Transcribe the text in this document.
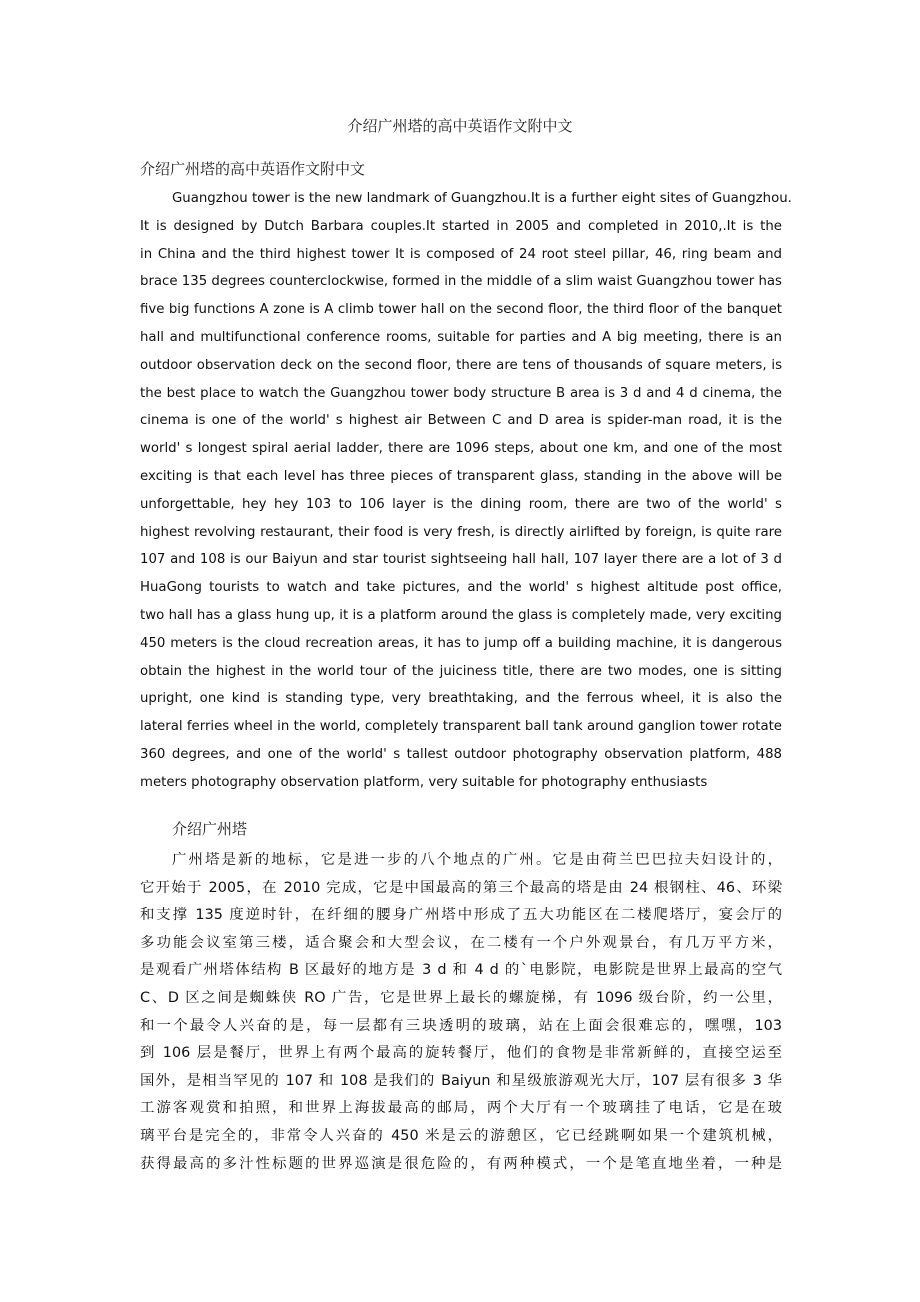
介绍广州塔的高中英语作文附中文
介绍广州塔的高中英语作文附中文
Guangzhou tower is the new landmark of Guangzhou.It is a further eight sites of Guangzhou.
It is designed by Dutch Barbara couples.It started in 2005 and completed in 2010,.It is the
in China and the third highest tower It is composed of 24 root steel pillar, 46, ring beam and
brace 135 degrees counterclockwise, formed in the middle of a slim waist Guangzhou tower has
five big functions A zone is A climb tower hall on the second floor, the third floor of the banquet
hall and multifunctional conference rooms, suitable for parties and A big meeting, there is an
outdoor observation deck on the second floor, there are tens of thousands of square meters, is
the best place to watch the Guangzhou tower body structure B area is 3 d and 4 d cinema, the
cinema is one of the world' s highest air Between C and D area is spider-man road, it is the
world' s longest spiral aerial ladder, there are 1096 steps, about one km, and one of the most
exciting is that each level has three pieces of transparent glass, standing in the above will be
unforgettable, hey hey 103 to 106 layer is the dining room, there are two of the world' s
highest revolving restaurant, their food is very fresh, is directly airlifted by foreign, is quite rare
107 and 108 is our Baiyun and star tourist sightseeing hall hall, 107 layer there are a lot of 3 d
HuaGong tourists to watch and take pictures, and the world' s highest altitude post office,
two hall has a glass hung up, it is a platform around the glass is completely made, very exciting
450 meters is the cloud recreation areas, it has to jump off a building machine, it is dangerous
obtain the highest in the world tour of the juiciness title, there are two modes, one is sitting
upright, one kind is standing type, very breathtaking, and the ferrous wheel, it is also the
lateral ferries wheel in the world, completely transparent ball tank around ganglion tower rotate
360 degrees, and one of the world' s tallest outdoor photography observation platform, 488
meters photography observation platform, very suitable for photography enthusiasts
介绍广州塔
广州塔是新的地标，它是进一步的八个地点的广州。它是由荷兰巴巴拉夫妇设计的，
它开始于 2005，在 2010 完成，它是中国最高的第三个最高的塔是由 24 根钢柱、46、环梁
和支撑 135 度逆时针，在纤细的腰身广州塔中形成了五大功能区在二楼爬塔厅，宴会厅的
多功能会议室第三楼，适合聚会和大型会议，在二楼有一个户外观景台，有几万平方米，
是观看广州塔体结构 B 区最好的地方是 3 d 和 4 d 的`电影院，电影院是世界上最高的空气
C、D 区之间是蜘蛛侠 RO 广告，它是世界上最长的螺旋梯，有 1096 级台阶，约一公里，
和一个最令人兴奋的是，每一层都有三块透明的玻璃，站在上面会很难忘的，嘿嘿，103
到 106 层是餐厅，世界上有两个最高的旋转餐厅，他们的食物是非常新鲜的，直接空运至
国外，是相当罕见的 107 和 108 是我们的 Baiyun 和星级旅游观光大厅，107 层有很多 3 华
工游客观赏和拍照，和世界上海拔最高的邮局，两个大厅有一个玻璃挂了电话，它是在玻
璃平台是完全的，非常令人兴奋的 450 米是云的游憩区，它已经跳啊如果一个建筑机械，
获得最高的多汁性标题的世界巡演是很危险的，有两种模式，一个是笔直地坐着，一种是
